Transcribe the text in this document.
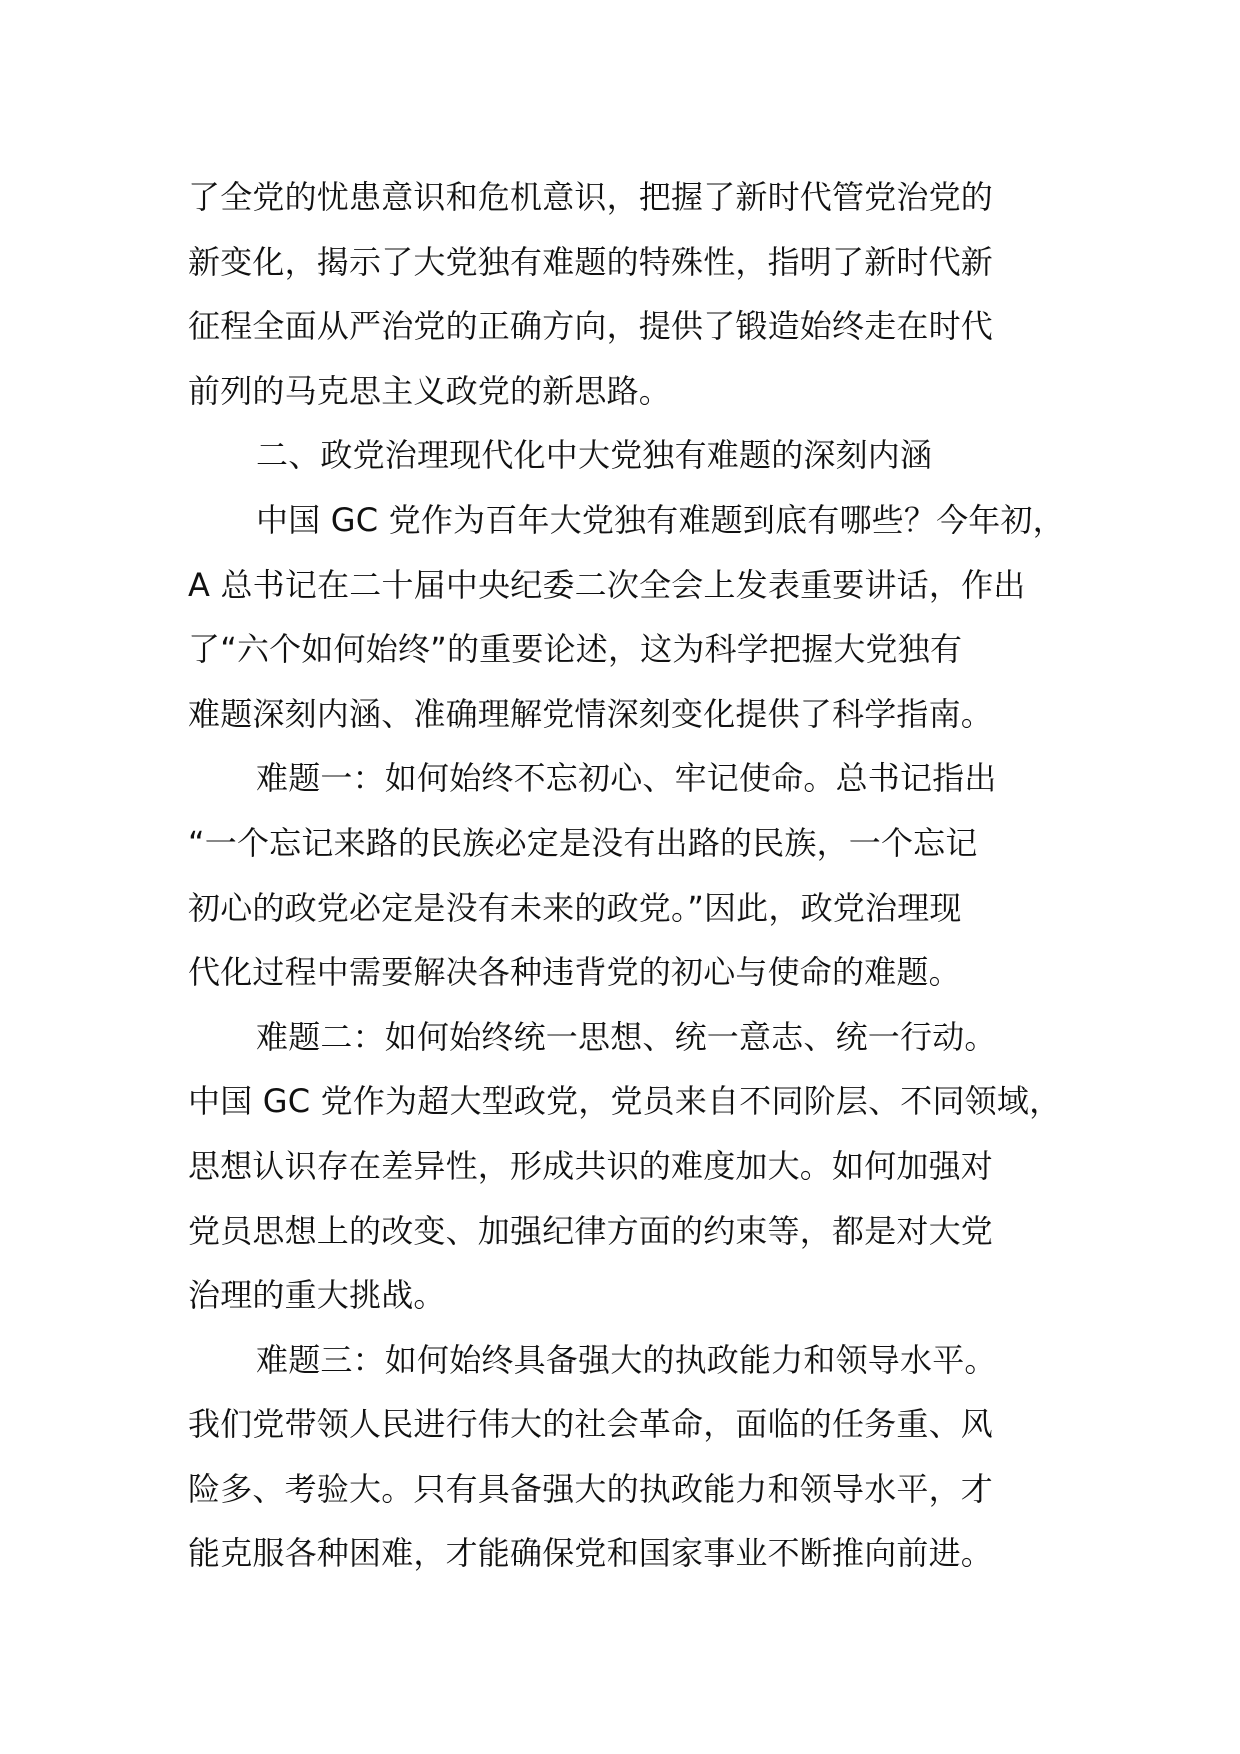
了全党的忧患意识和危机意识，把握了新时代管党治党的

新变化，揭示了大党独有难题的特殊性，指明了新时代新

征程全面从严治党的正确方向，提供了锻造始终走在时代

前列的马克思主义政党的新思路。

二、政党治理现代化中大党独有难题的深刻内涵

中国 GC 党作为百年大党独有难题到底有哪些？今年初，

A 总书记在二十届中央纪委二次全会上发表重要讲话，作出

了“六个如何始终”的重要论述，这为科学把握大党独有

难题深刻内涵、准确理解党情深刻变化提供了科学指南。

难题一：如何始终不忘初心、牢记使命。总书记指出

“一个忘记来路的民族必定是没有出路的民族，一个忘记

初心的政党必定是没有未来的政党。”因此，政党治理现

代化过程中需要解决各种违背党的初心与使命的难题。

难题二：如何始终统一思想、统一意志、统一行动。

中国 GC 党作为超大型政党，党员来自不同阶层、不同领域，

思想认识存在差异性，形成共识的难度加大。如何加强对

党员思想上的改变、加强纪律方面的约束等，都是对大党

治理的重大挑战。

难题三：如何始终具备强大的执政能力和领导水平。

我们党带领人民进行伟大的社会革命，面临的任务重、风

险多、考验大。只有具备强大的执政能力和领导水平，才

能克服各种困难，才能确保党和国家事业不断推向前进。
